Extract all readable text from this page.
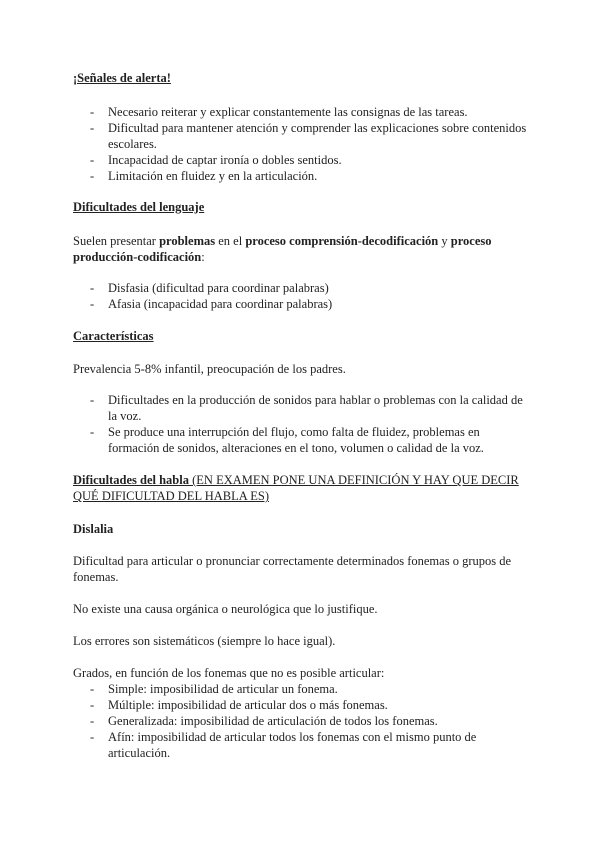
¡Señales de alerta!
- Necesario reiterar y explicar constantemente las consignas de las tareas.
- Dificultad para mantener atención y comprender las explicaciones sobre contenidos escolares.
- Incapacidad de captar ironía o dobles sentidos.
- Limitación en fluidez y en la articulación.
Dificultades del lenguaje
Suelen presentar problemas en el proceso comprensión-decodificación y proceso producción-codificación:
- Disfasia (dificultad para coordinar palabras)
- Afasia (incapacidad para coordinar palabras)
Características
Prevalencia 5-8% infantil, preocupación de los padres.
- Dificultades en la producción de sonidos para hablar o problemas con la calidad de la voz.
- Se produce una interrupción del flujo, como falta de fluidez, problemas en formación de sonidos, alteraciones en el tono, volumen o calidad de la voz.
Dificultades del habla (EN EXAMEN PONE UNA DEFINICIÓN Y HAY QUE DECIR QUÉ DIFICULTAD DEL HABLA ES)
Dislalia
Dificultad para articular o pronunciar correctamente determinados fonemas o grupos de fonemas.
No existe una causa orgánica o neurológica que lo justifique.
Los errores son sistemáticos (siempre lo hace igual).
Grados, en función de los fonemas que no es posible articular:
- Simple: imposibilidad de articular un fonema.
- Múltiple: imposibilidad de articular dos o más fonemas.
- Generalizada: imposibilidad de articulación de todos los fonemas.
- Afín: imposibilidad de articular todos los fonemas con el mismo punto de articulación.
